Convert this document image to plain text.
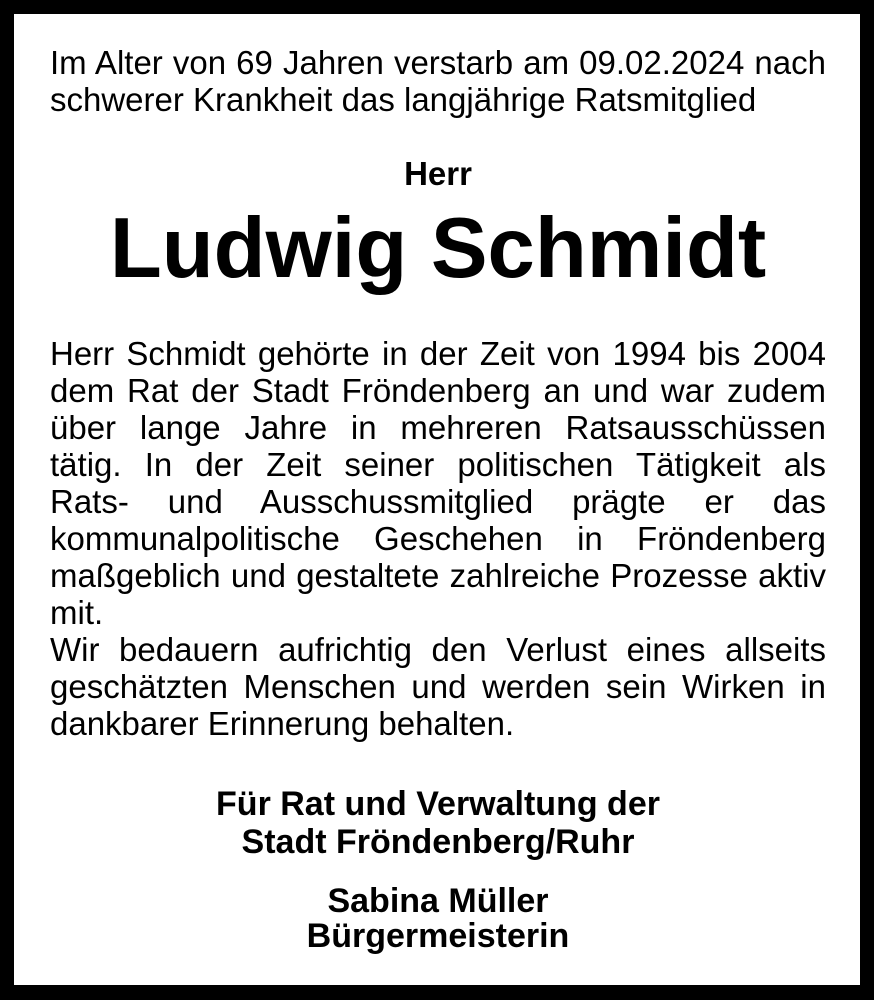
Im Alter von 69 Jahren verstarb am 09.02.2024 nach
schwerer Krankheit das langjährige Ratsmitglied
Herr
Ludwig Schmidt
Herr Schmidt gehörte in der Zeit von 1994 bis 2004
dem Rat der Stadt Fröndenberg an und war zudem
über lange Jahre in mehreren Ratsausschüssen
tätig. In der Zeit seiner politischen Tätigkeit als
Rats- und Ausschussmitglied prägte er das
kommunalpolitische Geschehen in Fröndenberg
maßgeblich und gestaltete zahlreiche Prozesse aktiv
mit.
Wir bedauern aufrichtig den Verlust eines allseits
geschätzten Menschen und werden sein Wirken in
dankbarer Erinnerung behalten.
Für Rat und Verwaltung der
Stadt Fröndenberg/Ruhr
Sabina Müller
Bürgermeisterin
